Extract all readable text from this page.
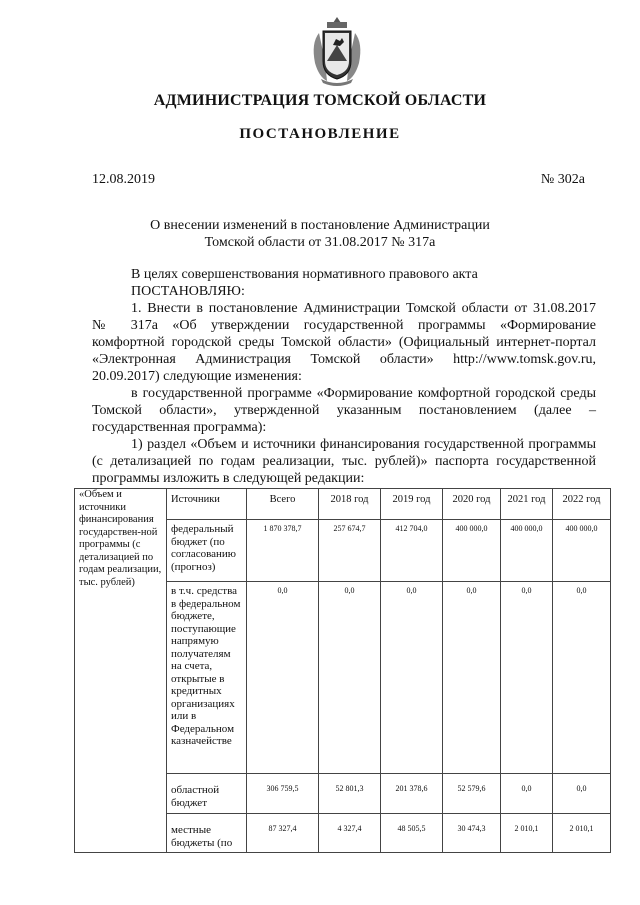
АДМИНИСТРАЦИЯ ТОМСКОЙ ОБЛАСТИ
ПОСТАНОВЛЕНИЕ
12.08.2019	№ 302а
О внесении изменений в постановление Администрации
Томской области от 31.08.2017 № 317а
В целях совершенствования нормативного правового акта
ПОСТАНОВЛЯЮ:
1. Внести в постановление Администрации Томской области от 31.08.2017
№ 317а «Об утверждении государственной программы «Формирование
комфортной городской среды Томской области» (Официальный интернет-портал
«Электронная Администрация Томской области» http://www.tomsk.gov.ru,
20.09.2017) следующие изменения:
в государственной программе «Формирование комфортной городской среды
Томской области», утвержденной указанным постановлением (далее –
государственная программа):
1) раздел «Объем и источники финансирования государственной программы
(с детализацией по годам реализации, тыс. рублей)» паспорта государственной
программы изложить в следующей редакции:
«Объем и источники финансирования государствен-ной программы (с детализацией по годам реализации, тыс. рублей)	Источники	Всего	2018 год	2019 год	2020 год	2021 год	2022 год
	федеральный бюджет (по согласованию (прогноз)	1 870 378,7	257 674,7	412 704,0	400 000,0	400 000,0	400 000,0
	в т.ч. средства в федеральном бюджете, поступающие напрямую получателям на счета, открытые в кредитных организациях или в Федеральном казначействе	0,0	0,0	0,0	0,0	0,0	0,0
	областной бюджет	306 759,5	52 801,3	201 378,6	52 579,6	0,0	0,0
	местные бюджеты (по	87 327,4	4 327,4	48 505,5	30 474,3	2 010,1	2 010,1
